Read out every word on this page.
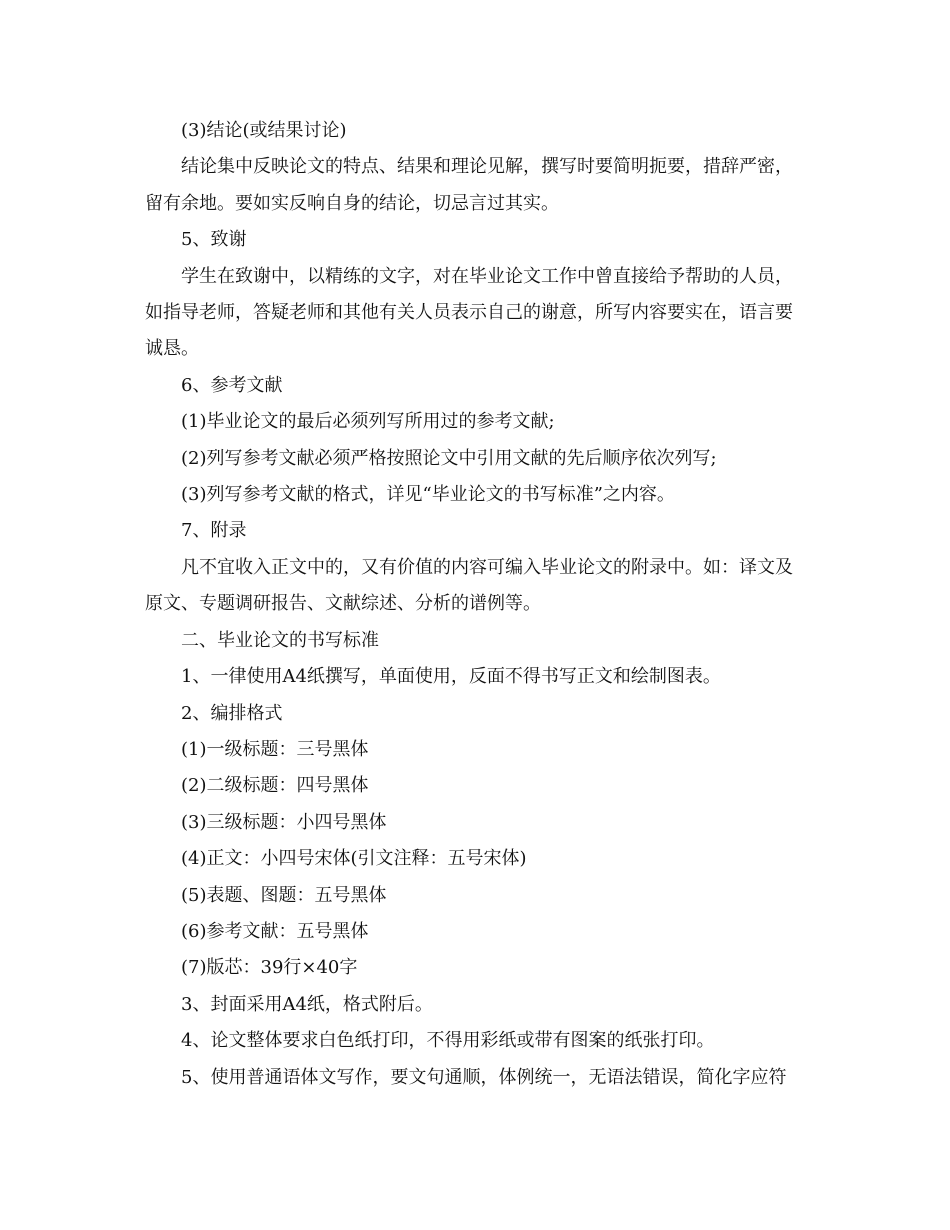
(3)结论(或结果讨论)

结论集中反映论文的特点、结果和理论见解，撰写时要简明扼要，措辞严密，留有余地。要如实反响自身的结论，切忌言过其实。

5、致谢

学生在致谢中，以精练的文字，对在毕业论文工作中曾直接给予帮助的人员，如指导老师，答疑老师和其他有关人员表示自己的谢意，所写内容要实在，语言要诚恳。

6、参考文献

(1)毕业论文的最后必须列写所用过的参考文献;

(2)列写参考文献必须严格按照论文中引用文献的先后顺序依次列写;

(3)列写参考文献的格式，详见“毕业论文的书写标准”之内容。

7、附录

凡不宜收入正文中的，又有价值的内容可编入毕业论文的附录中。如：译文及原文、专题调研报告、文献综述、分析的谱例等。

二、毕业论文的书写标准

1、一律使用A4纸撰写，单面使用，反面不得书写正文和绘制图表。

2、编排格式

(1)一级标题：三号黑体

(2)二级标题：四号黑体

(3)三级标题：小四号黑体

(4)正文：小四号宋体(引文注释：五号宋体)

(5)表题、图题：五号黑体

(6)参考文献：五号黑体

(7)版芯：39行×40字

3、封面采用A4纸，格式附后。

4、论文整体要求白色纸打印，不得用彩纸或带有图案的纸张打印。

5、使用普通语体文写作，要文句通顺，体例统一，无语法错误，简化字应符
